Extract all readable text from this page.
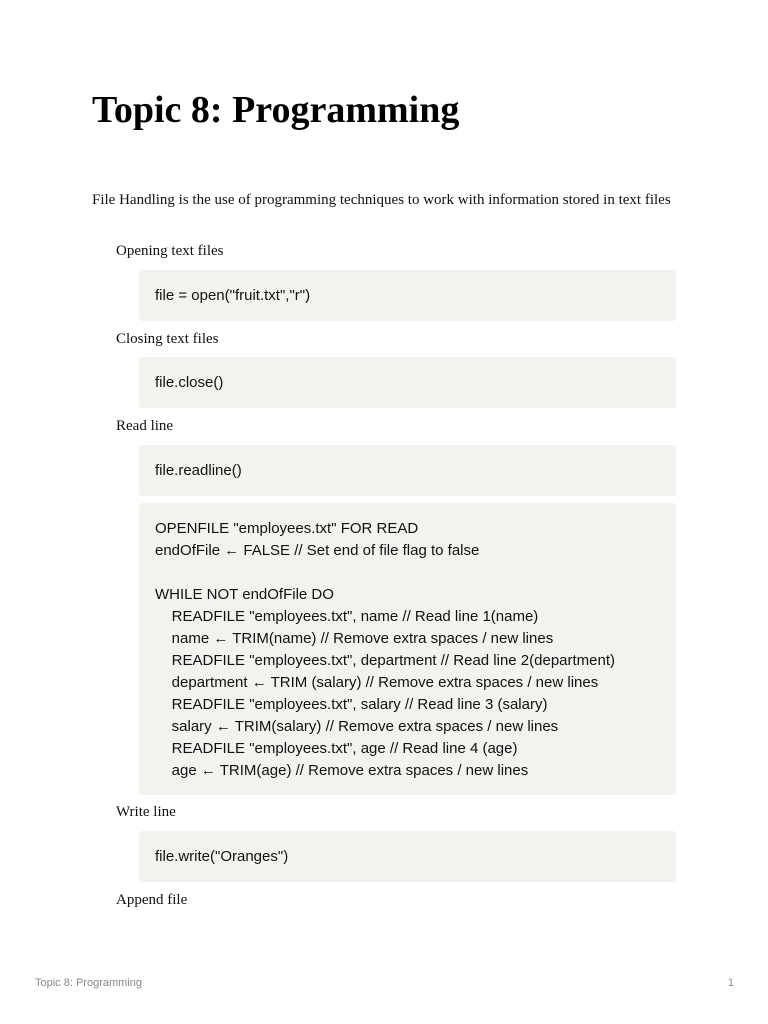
Topic 8: Programming

File Handling is the use of programming techniques to work with information stored in text files

Opening text files

file = open("fruit.txt","r")

Closing text files

file.close()

Read line

file.readline()
OPENFILE "employees.txt" FOR READ
endOfFile ← FALSE // Set end of file flag to false
WHILE NOT endOfFile DO
READFILE "employees.txt", name // Read line 1(name)
name ← TRIM(name) // Remove extra spaces / new lines
READFILE "employees.txt", department // Read line 2(department)
department ← TRIM (salary) // Remove extra spaces / new lines
READFILE "employees.txt", salary // Read line 3 (salary)
salary ← TRIM(salary) // Remove extra spaces / new lines
READFILE "employees.txt", age // Read line 4 (age)
age ← TRIM(age) // Remove extra spaces / new lines

Write line

file.write("Oranges")

Append file

Topic 8: Programming	1
